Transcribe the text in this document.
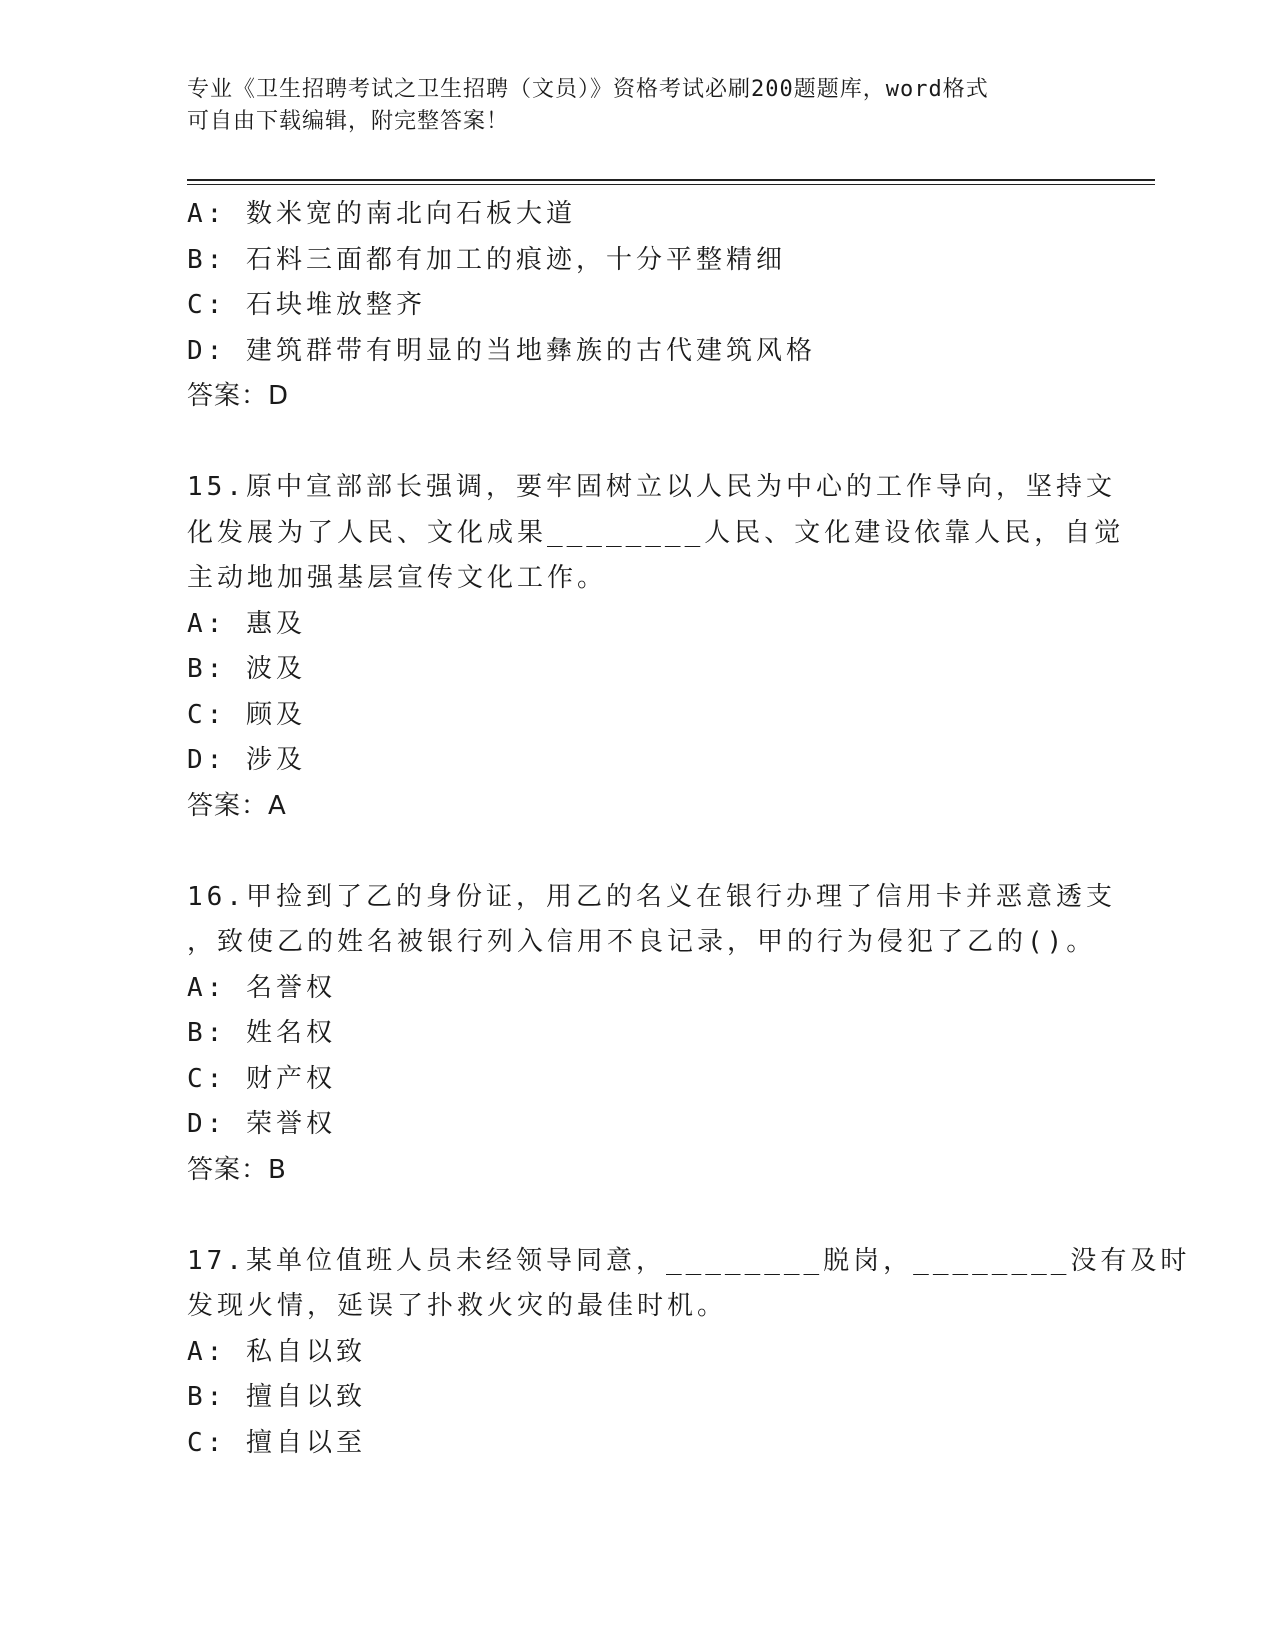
专业《卫生招聘考试之卫生招聘（文员）》资格考试必刷200题题库，word格式
可自由下载编辑，附完整答案！
A: 数米宽的南北向石板大道
B: 石料三面都有加工的痕迹，十分平整精细
C: 石块堆放整齐
D: 建筑群带有明显的当地彝族的古代建筑风格
答案：D
15.原中宣部部长强调，要牢固树立以人民为中心的工作导向，坚持文
化发展为了人民、文化成果________人民、文化建设依靠人民，自觉
主动地加强基层宣传文化工作。
A: 惠及
B: 波及
C: 顾及
D: 涉及
答案：A
16.甲捡到了乙的身份证，用乙的名义在银行办理了信用卡并恶意透支
，致使乙的姓名被银行列入信用不良记录，甲的行为侵犯了乙的()。
A: 名誉权
B: 姓名权
C: 财产权
D: 荣誉权
答案：B
17.某单位值班人员未经领导同意，________脱岗，________没有及时
发现火情，延误了扑救火灾的最佳时机。
A: 私自以致
B: 擅自以致
C: 擅自以至
